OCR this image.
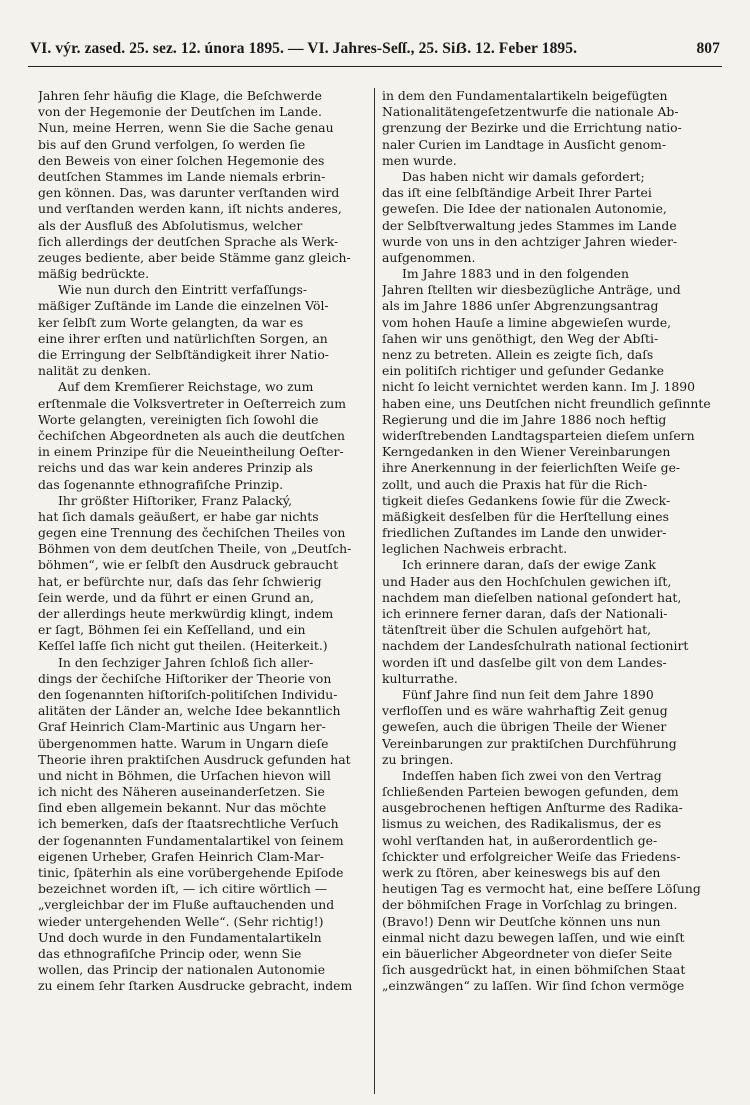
VI. výr. zased. 25. sez. 12. února 1895. — VI. Jahres-Seſſ., 25. Siẞ. 12. Feber 1895.	807
Jahren ſehr häufig die Klage, die Beſchwerde
von der Hegemonie der Deutſchen im Lande.
Nun, meine Herren, wenn Sie die Sache genau
bis auf den Grund verfolgen, ſo werden ſie
den Beweis von einer ſolchen Hegemonie des
deutſchen Stammes im Lande niemals erbrin-
gen können. Das, was darunter verſtanden wird
und verſtanden werden kann, iſt nichts anderes,
als der Ausfluß des Abſolutismus, welcher
ſich allerdings der deutſchen Sprache als Werk-
zeuges bediente, aber beide Stämme ganz gleich-
mäßig bedrückte.
Wie nun durch den Eintritt verfaſſungs-
mäßiger Zuſtände im Lande die einzelnen Völ-
ker ſelbſt zum Worte gelangten, da war es
eine ihrer erſten und natürlichſten Sorgen, an
die Erringung der Selbſtändigkeit ihrer Natio-
nalität zu denken.
Auf dem Kremſierer Reichstage, wo zum
erſtenmale die Volksvertreter in Oeſterreich zum
Worte gelangten, vereinigten ſich ſowohl die
čechiſchen Abgeordneten als auch die deutſchen
in einem Prinzipe für die Neueintheilung Oeſter-
reichs und das war kein anderes Prinzip als
das ſogenannte ethnografiſche Prinzip.
Ihr größter Hiſtoriker, Franz Palacký,
hat ſich damals geäußert, er habe gar nichts
gegen eine Trennung des čechiſchen Theiles von
Böhmen von dem deutſchen Theile, von „Deutſch-
böhmen“, wie er ſelbſt den Ausdruck gebraucht
hat, er befürchte nur, daſs das ſehr ſchwierig
ſein werde, und da führt er einen Grund an,
der allerdings heute merkwürdig klingt, indem
er ſagt, Böhmen ſei ein Keſſelland, und ein
Keſſel laſſe ſich nicht gut theilen. (Heiterkeit.)
In den ſechziger Jahren ſchloß ſich aller-
dings der čechiſche Hiſtoriker der Theorie von
den ſogenannten hiſtoriſch-politiſchen Individu-
alitäten der Länder an, welche Idee bekanntlich
Graf Heinrich Clam-Martinic aus Ungarn her-
übergenommen hatte. Warum in Ungarn dieſe
Theorie ihren praktiſchen Ausdruck gefunden hat
und nicht in Böhmen, die Urſachen hievon will
ich nicht des Näheren auseinanderſetzen. Sie
ſind eben allgemein bekannt. Nur das möchte
ich bemerken, daſs der ſtaatsrechtliche Verſuch
der ſogenannten Fundamentalartikel von ſeinem
eigenen Urheber, Grafen Heinrich Clam-Mar-
tinic, ſpäterhin als eine vorübergehende Epiſode
bezeichnet worden iſt, — ich citire wörtlich —
„vergleichbar der im Fluße auftauchenden und
wieder untergehenden Welle“. (Sehr richtig!)
Und doch wurde in den Fundamentalartikeln
das ethnografiſche Princip oder, wenn Sie
wollen, das Princip der nationalen Autonomie
zu einem ſehr ſtarken Ausdrucke gebracht, indem
in dem den Fundamentalartikeln beigefügten
Nationalitätengeſetzentwurfe die nationale Ab-
grenzung der Bezirke und die Errichtung natio-
naler Curien im Landtage in Ausſicht genom-
men wurde.
Das haben nicht wir damals gefordert;
das iſt eine ſelbſtändige Arbeit Ihrer Partei
geweſen. Die Idee der nationalen Autonomie,
der Selbſtverwaltung jedes Stammes im Lande
wurde von uns in den achtziger Jahren wieder-
aufgenommen.
Im Jahre 1883 und in den folgenden
Jahren ſtellten wir diesbezügliche Anträge, und
als im Jahre 1886 unſer Abgrenzungsantrag
vom hohen Hauſe a limine abgewieſen wurde,
ſahen wir uns genöthigt, den Weg der Abſti-
nenz zu betreten. Allein es zeigte ſich, daſs
ein politiſch richtiger und geſunder Gedanke
nicht ſo leicht vernichtet werden kann. Im J. 1890
haben eine, uns Deutſchen nicht freundlich geſinnte
Regierung und die im Jahre 1886 noch heftig
widerſtrebenden Landtagsparteien dieſem unſern
Kerngedanken in den Wiener Vereinbarungen
ihre Anerkennung in der feierlichſten Weiſe ge-
zollt, und auch die Praxis hat für die Rich-
tigkeit dieſes Gedankens ſowie für die Zweck-
mäßigkeit desſelben für die Herſtellung eines
friedlichen Zuſtandes im Lande den unwider-
leglichen Nachweis erbracht.
Ich erinnere daran, daſs der ewige Zank
und Hader aus den Hochſchulen gewichen iſt,
nachdem man dieſelben national geſondert hat,
ich erinnere ferner daran, daſs der Nationali-
tätenſtreit über die Schulen aufgehört hat,
nachdem der Landesſchulrath national ſectionirt
worden iſt und dasſelbe gilt von dem Landes-
kulturrathe.
Fünf Jahre ſind nun ſeit dem Jahre 1890
verfloſſen und es wäre wahrhaftig Zeit genug
geweſen, auch die übrigen Theile der Wiener
Vereinbarungen zur praktiſchen Durchführung
zu bringen.
Indeſſen haben ſich zwei von den Vertrag
ſchließenden Parteien bewogen gefunden, dem
ausgebrochenen heftigen Anſturme des Radika-
lismus zu weichen, des Radikalismus, der es
wohl verſtanden hat, in außerordentlich ge-
ſchickter und erfolgreicher Weiſe das Friedens-
werk zu ſtören, aber keineswegs bis auf den
heutigen Tag es vermocht hat, eine beſſere Löſung
der böhmiſchen Frage in Vorſchlag zu bringen.
(Bravo!) Denn wir Deutſche können uns nun
einmal nicht dazu bewegen laſſen, und wie einſt
ein bäuerlicher Abgeordneter von dieſer Seite
ſich ausgedrückt hat, in einen böhmiſchen Staat
„einzwängen“ zu laſſen. Wir ſind ſchon vermöge
